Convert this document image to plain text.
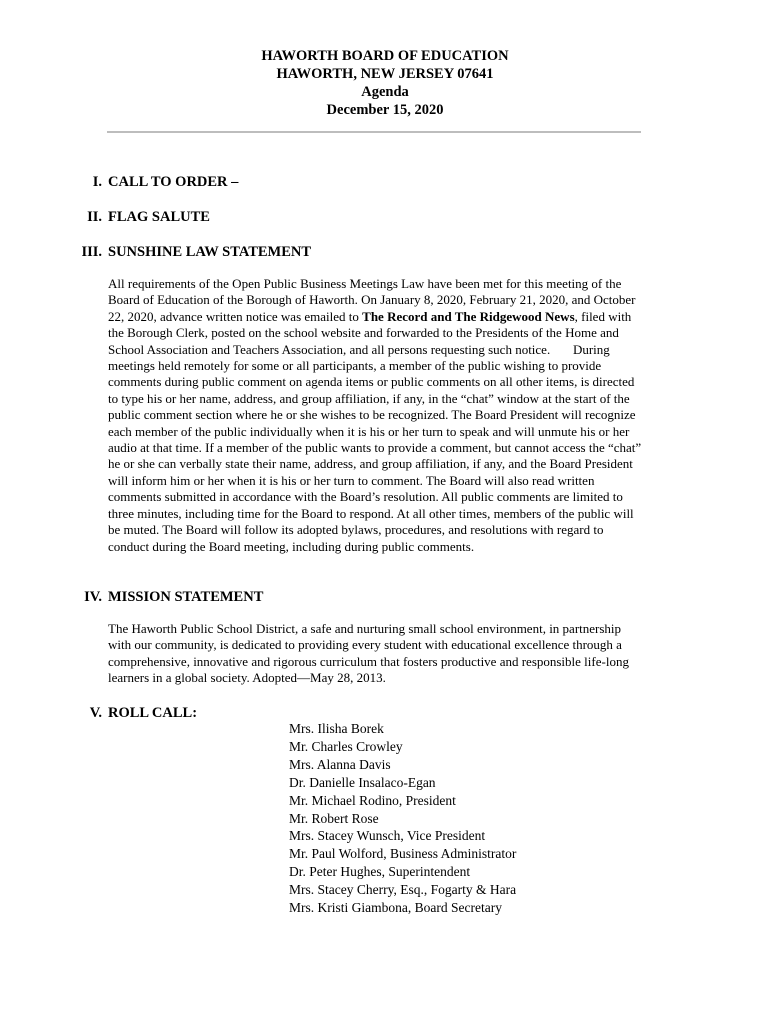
HAWORTH BOARD OF EDUCATION
HAWORTH, NEW JERSEY 07641
Agenda
December 15, 2020
I. CALL TO ORDER –
II. FLAG SALUTE
III. SUNSHINE LAW STATEMENT
All requirements of the Open Public Business Meetings Law have been met for this meeting of the
Board of Education of the Borough of Haworth. On January 8, 2020, February 21, 2020, and October
22, 2020, advance written notice was emailed to The Record and The Ridgewood News, filed with
the Borough Clerk, posted on the school website and forwarded to the Presidents of the Home and
School Association and Teachers Association, and all persons requesting such notice.       During
meetings held remotely for some or all participants, a member of the public wishing to provide
comments during public comment on agenda items or public comments on all other items, is directed
to type his or her name, address, and group affiliation, if any, in the “chat” window at the start of the
public comment section where he or she wishes to be recognized. The Board President will recognize
each member of the public individually when it is his or her turn to speak and will unmute his or her
audio at that time. If a member of the public wants to provide a comment, but cannot access the “chat”
he or she can verbally state their name, address, and group affiliation, if any, and the Board President
will inform him or her when it is his or her turn to comment. The Board will also read written
comments submitted in accordance with the Board’s resolution. All public comments are limited to
three minutes, including time for the Board to respond. At all other times, members of the public will
be muted. The Board will follow its adopted bylaws, procedures, and resolutions with regard to
conduct during the Board meeting, including during public comments.
IV. MISSION STATEMENT
The Haworth Public School District, a safe and nurturing small school environment, in partnership
with our community, is dedicated to providing every student with educational excellence through a
comprehensive, innovative and rigorous curriculum that fosters productive and responsible life-long
learners in a global society. Adopted—May 28, 2013.
V. ROLL CALL:
Mrs. Ilisha Borek
Mr. Charles Crowley
Mrs. Alanna Davis
Dr. Danielle Insalaco-Egan
Mr. Michael Rodino, President
Mr. Robert Rose
Mrs. Stacey Wunsch, Vice President
Mr. Paul Wolford, Business Administrator
Dr. Peter Hughes, Superintendent
Mrs. Stacey Cherry, Esq., Fogarty & Hara
Mrs. Kristi Giambona, Board Secretary
